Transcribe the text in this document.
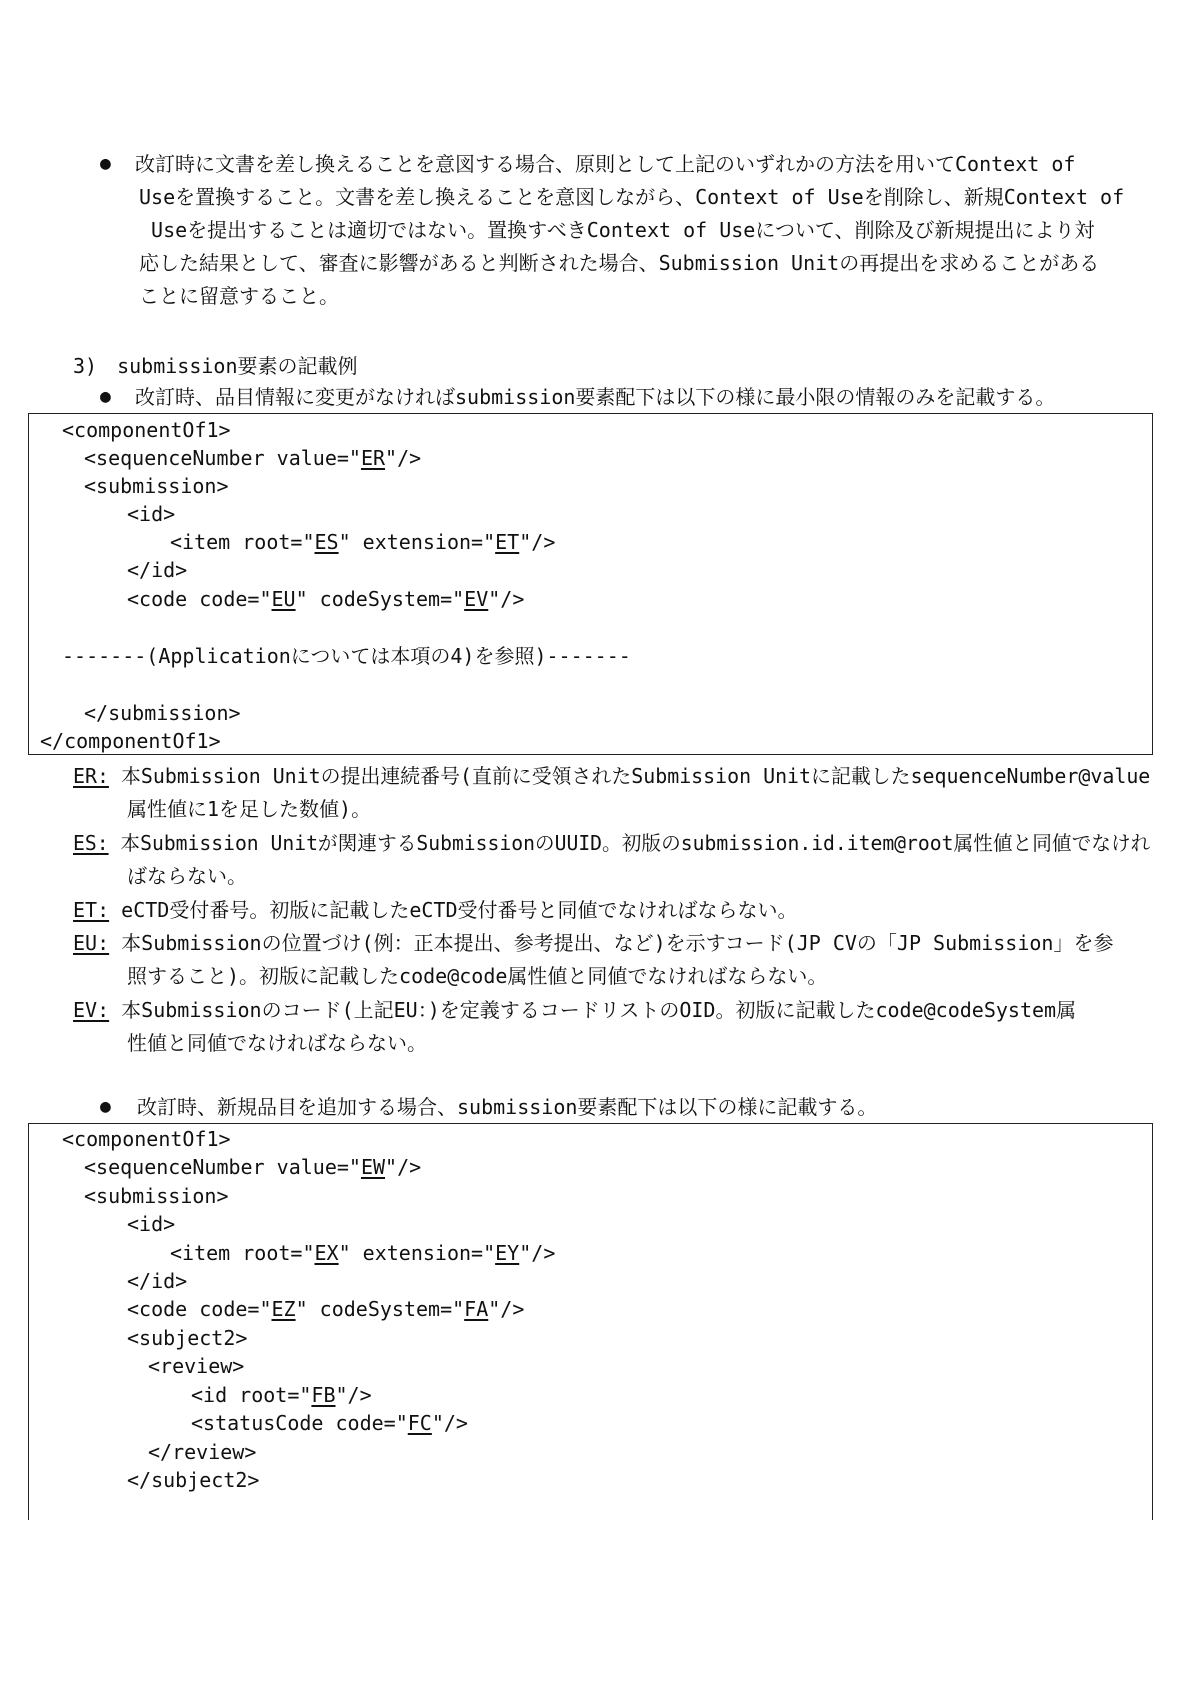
● 改訂時に文書を差し換えることを意図する場合、原則として上記のいずれかの方法を用いてContext of
Useを置換すること。文書を差し換えることを意図しながら、Context of Useを削除し、新規Context of
Useを提出することは適切ではない。置換すべきContext of Useについて、削除及び新規提出により対
応した結果として、審査に影響があると判断された場合、Submission Unitの再提出を求めることがある
ことに留意すること。
3)　submission要素の記載例
● 改訂時、品目情報に変更がなければsubmission要素配下は以下の様に最小限の情報のみを記載する。
<componentOf1>
<sequenceNumber value="ER"/>
<submission>
<id>
<item root="ES" extension="ET"/>
</id>
<code code="EU" codeSystem="EV"/>
-------(Applicationについては本項の4)を参照)-------
</submission>
</componentOf1>
ER: 本Submission Unitの提出連続番号(直前に受領されたSubmission Unitに記載したsequenceNumber@value
属性値に1を足した数値)。
ES: 本Submission Unitが関連するSubmissionのUUID。初版のsubmission.id.item@root属性値と同値でなけれ
ばならない。
ET: eCTD受付番号。初版に記載したeCTD受付番号と同値でなければならない。
EU: 本Submissionの位置づけ(例：正本提出、参考提出、など)を示すコード(JP CVの「JP Submission」を参
照すること)。初版に記載したcode@code属性値と同値でなければならない。
EV: 本Submissionのコード(上記EU：)を定義するコードリストのOID。初版に記載したcode@codeSystem属
性値と同値でなければならない。
● 改訂時、新規品目を追加する場合、submission要素配下は以下の様に記載する。
<componentOf1>
<sequenceNumber value="EW"/>
<submission>
<id>
<item root="EX" extension="EY"/>
</id>
<code code="EZ" codeSystem="FA"/>
<subject2>
<review>
<id root="FB"/>
<statusCode code="FC"/>
</review>
</subject2>
